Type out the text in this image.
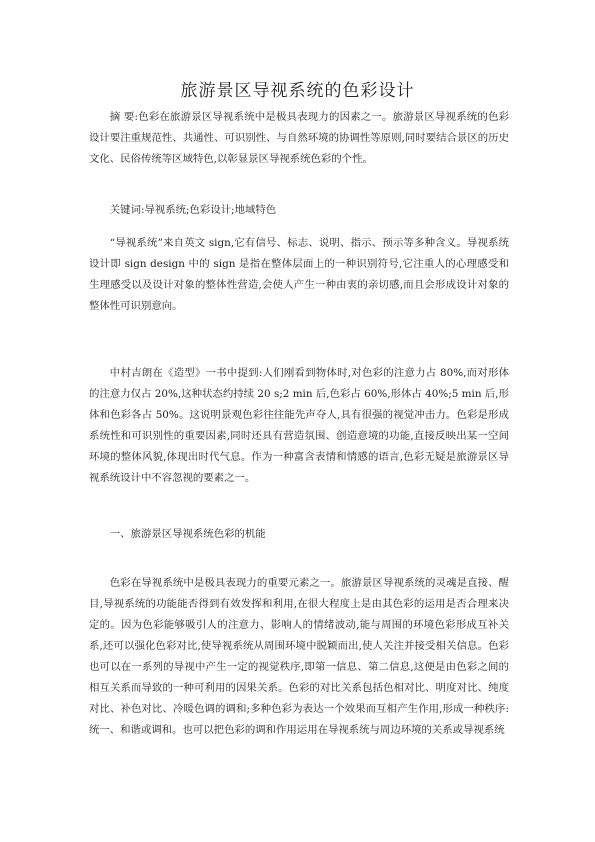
旅游景区导视系统的色彩设计

摘 要:色彩在旅游景区导视系统中是极具表现力的因素之一。旅游景区导视系统的色彩设计要注重规范性、共通性、可识别性、与自然环境的协调性等原则,同时要结合景区的历史文化、民俗传统等区域特色,以彰显景区导视系统色彩的个性。

关键词:导视系统;色彩设计;地域特色

“导视系统”来自英文 sign,它有信号、标志、说明、指示、预示等多种含义。导视系统设计即 sign design 中的 sign 是指在整体层面上的一种识别符号,它注重人的心理感受和生理感受以及设计对象的整体性营造,会使人产生一种由衷的亲切感,而且会形成设计对象的整体性可识别意向。

中村吉朗在《造型》一书中提到:人们刚看到物体时,对色彩的注意力占 80%,而对形体的注意力仅占 20%,这种状态约持续 20 s;2 min 后,色彩占 60%,形体占 40%;5 min 后,形体和色彩各占 50%。这说明景观色彩往往能先声夺人,具有很强的视觉冲击力。色彩是形成系统性和可识别性的重要因素,同时还具有营造氛围、创造意境的功能,直接反映出某一空间环境的整体风貌,体现出时代气息。作为一种富含表情和情感的语言,色彩无疑是旅游景区导视系统设计中不容忽视的要素之一。

一、旅游景区导视系统色彩的机能

色彩在导视系统中是极具表现力的重要元素之一。旅游景区导视系统的灵魂是直接、醒目,导视系统的功能能否得到有效发挥和利用,在很大程度上是由其色彩的运用是否合理来决定的。因为色彩能够吸引人的注意力、影响人的情绪波动,能与周围的环境色彩形成互补关系,还可以强化色彩对比,使导视系统从周围环境中脱颖而出,使人关注并接受相关信息。色彩也可以在一系列的导视中产生一定的视觉秩序,即第一信息、第二信息,这便是由色彩之间的相互关系而导致的一种可利用的因果关系。色彩的对比关系包括色相对比、明度对比、纯度对比、补色对比、冷暖色调的调和;多种色彩为表达一个效果而互相产生作用,形成一种秩序:统一、和谐或调和。也可以把色彩的调和作用运用在导视系统与周边环境的关系或导视系统
